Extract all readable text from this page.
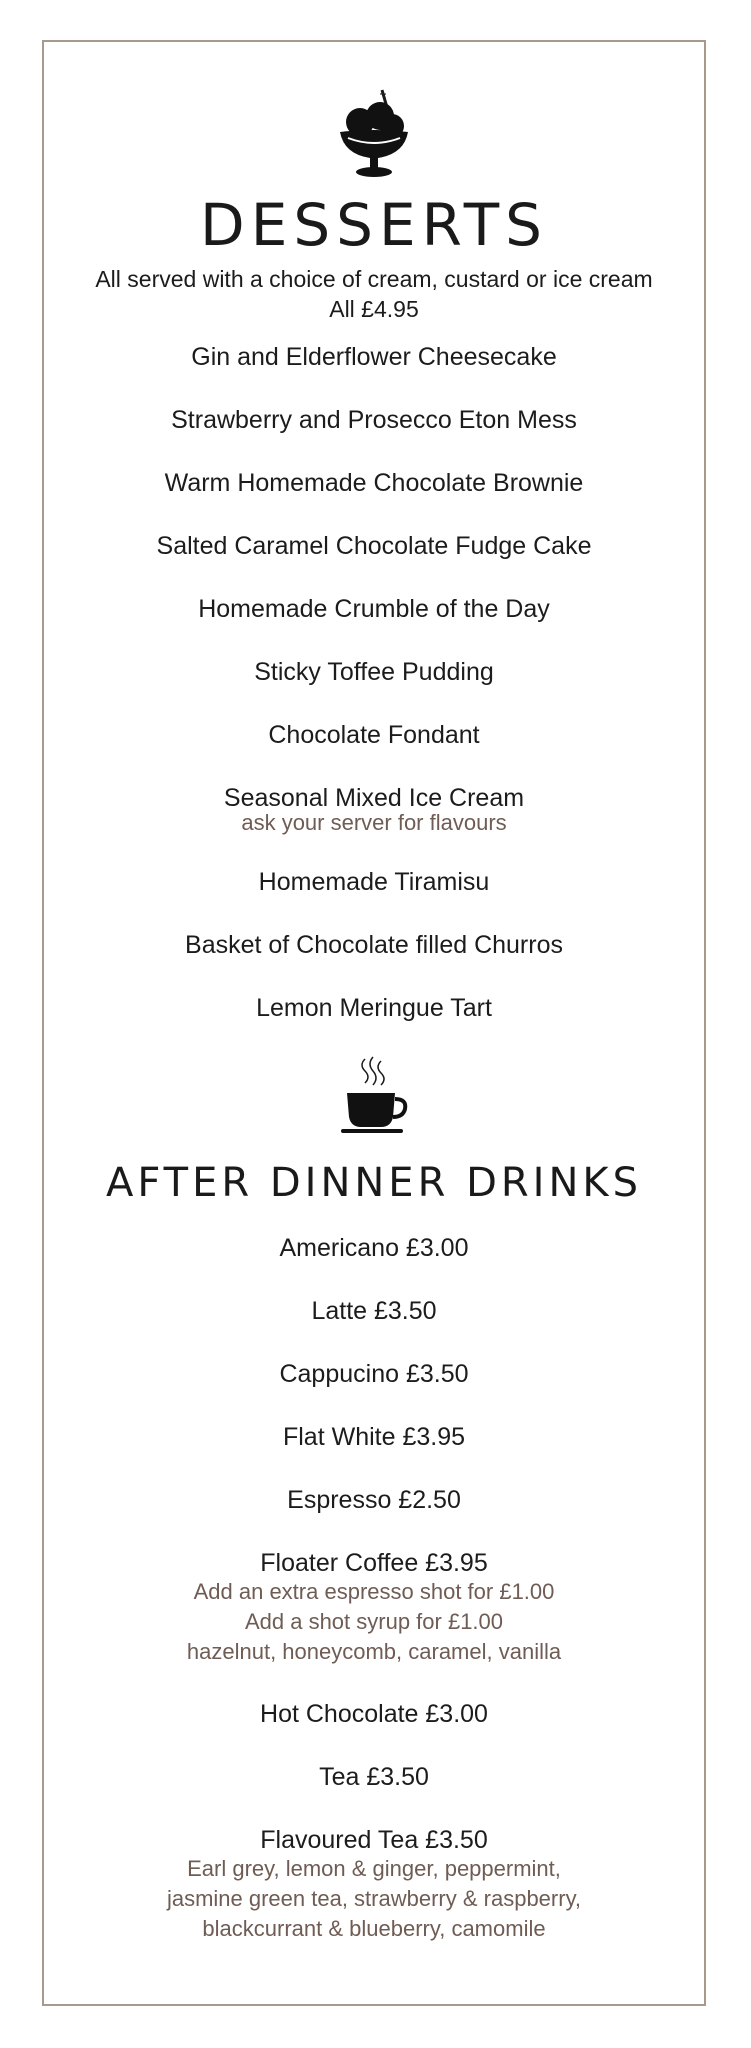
DESSERTS
All served with a choice of cream, custard or ice cream
All £4.95
Gin and Elderflower Cheesecake
Strawberry and Prosecco Eton Mess
Warm Homemade Chocolate Brownie
Salted Caramel Chocolate Fudge Cake
Homemade Crumble of the Day
Sticky Toffee Pudding
Chocolate Fondant
Seasonal Mixed Ice Cream
ask your server for flavours
Homemade Tiramisu
Basket of Chocolate filled Churros
Lemon Meringue Tart
AFTER DINNER DRINKS
Americano £3.00
Latte £3.50
Cappucino £3.50
Flat White £3.95
Espresso £2.50
Floater Coffee £3.95
Add an extra espresso shot for £1.00
Add a shot syrup for £1.00
hazelnut, honeycomb, caramel, vanilla
Hot Chocolate £3.00
Tea £3.50
Flavoured Tea £3.50
Earl grey, lemon & ginger, peppermint,
jasmine green tea, strawberry & raspberry,
blackcurrant & blueberry, camomile
